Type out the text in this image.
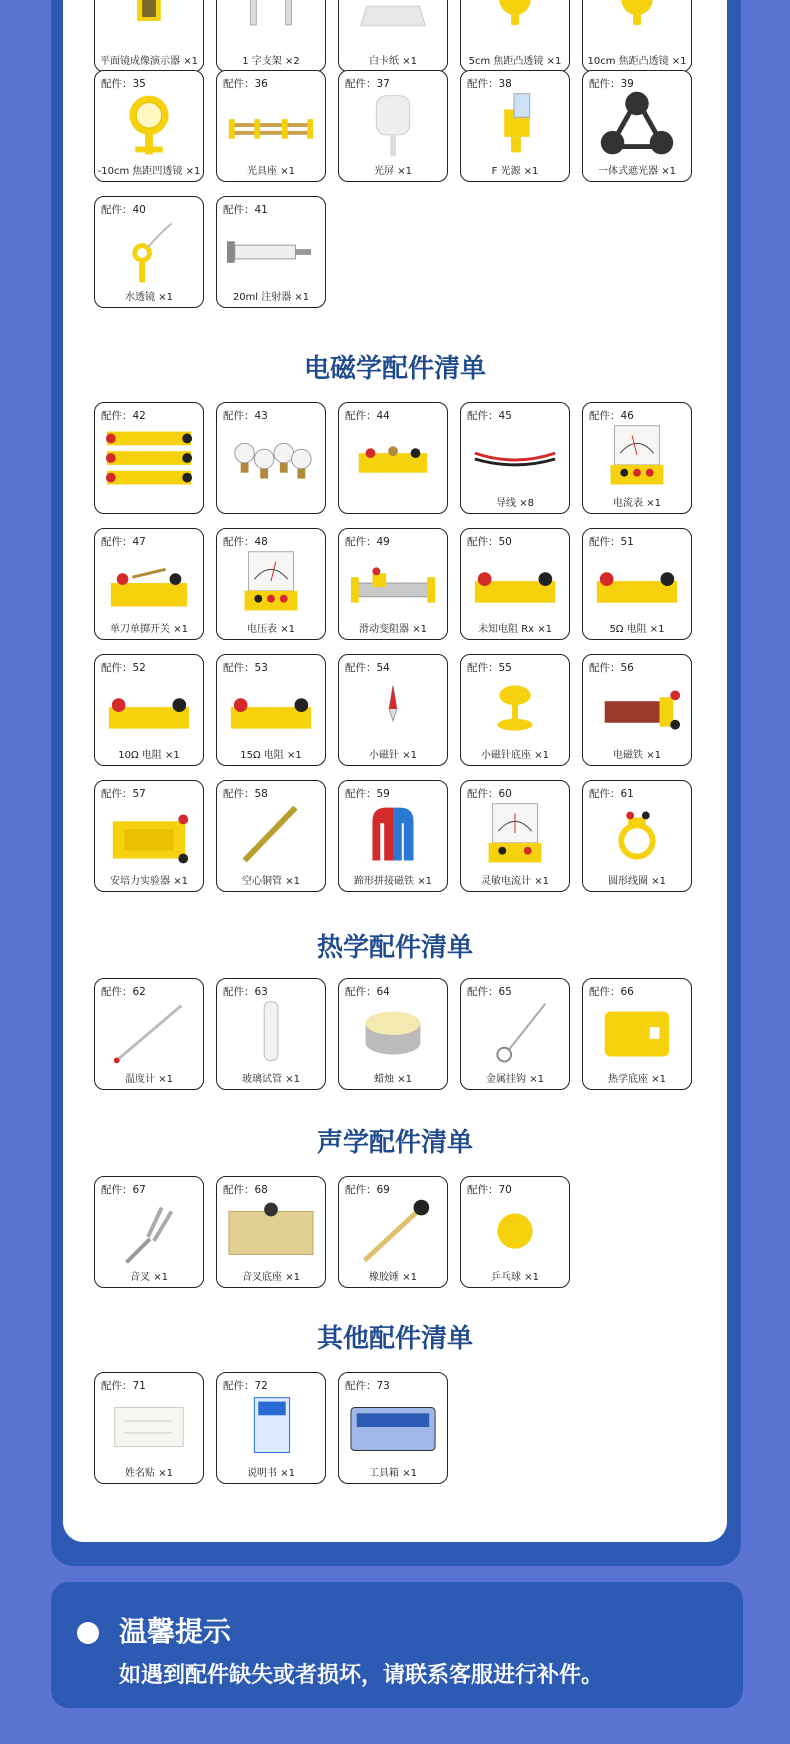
平面镜成像演示器 ×1	1 字支架 ×2	白卡纸 ×1	5cm 焦距凸透镜 ×1	10cm 焦距凸透镜 ×1
配件：35
-10cm 焦距凹透镜 ×1
配件：36
光具座 ×1
配件：37
光屏 ×1
配件：38
F 光源 ×1
配件：39
一体式遮光器 ×1
配件：40
水透镜 ×1
配件：41
20ml 注射器 ×1
配件：42	配件：43	配件：44	配件：45
导线 ×8
配件：46
电流表 ×1
配件：47
单刀单掷开关 ×1
配件：48
电压表 ×1
配件：49
滑动变阻器 ×1
配件：50
未知电阻 Rx ×1
配件：51
5Ω 电阻 ×1
配件：52
10Ω 电阻 ×1
配件：53
15Ω 电阻 ×1
配件：54
小磁针 ×1
配件：55
小磁针底座 ×1
配件：56
电磁铁 ×1
配件：57
安培力实验器 ×1
配件：58
空心铜管 ×1
配件：59
蹄形拼接磁铁 ×1
配件：60
灵敏电流计 ×1
配件：61
圆形线圈 ×1
配件：62
温度计 ×1
配件：63
玻璃试管 ×1
配件：64
蜡烛 ×1
配件：65
金属挂钩 ×1
配件：66
热学底座 ×1
配件：67
音叉 ×1
配件：68
音叉底座 ×1
配件：69
橡胶锤 ×1
配件：70
乒乓球 ×1
配件：71
姓名贴 ×1
配件：72
说明书 ×1
配件：73
工具箱 ×1
电磁学配件清单
热学配件清单
声学配件清单
其他配件清单
温馨提示
如遇到配件缺失或者损坏，请联系客服进行补件。
